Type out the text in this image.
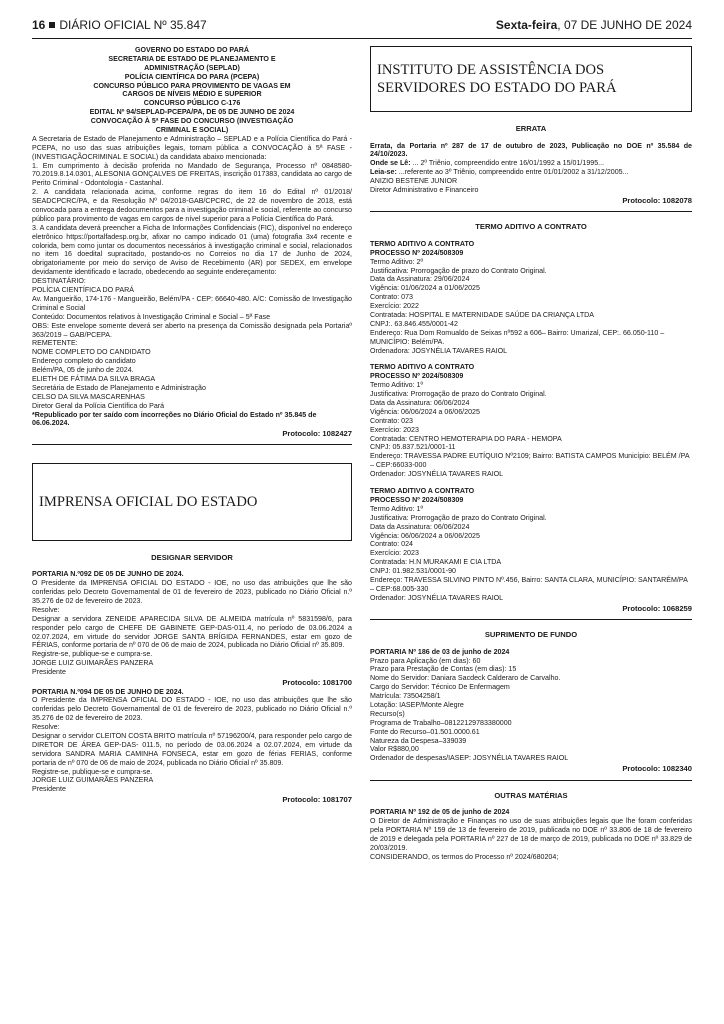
16 DIÁRIO OFICIAL Nº 35.847	Sexta-feira, 07 DE JUNHO DE 2024
GOVERNO DO ESTADO DO PARÁ
SECRETARIA DE ESTADO DE PLANEJAMENTO E
ADMINISTRAÇÃO (SEPLAD)
POLÍCIA CIENTÍFICA DO PARA (PCEPA)
CONCURSO PÚBLICO PARA PROVIMENTO DE VAGAS EM
CARGOS DE NÍVEIS MÉDIO E SUPERIOR
CONCURSO PÚBLICO C-176
EDITAL Nº 94/SEPLAD-PCEPA/PA, DE 05 DE JUNHO DE 2024
CONVOCAÇÃO À 5ª FASE DO CONCURSO (INVESTIGAÇÃO
CRIMINAL E SOCIAL)

A Secretaria de Estado de Planejamento e Administração – SEPLAD e a Polícia Científica do Pará - PCEPA, no uso das suas atribuições legais, tornam pública a CONVOCAÇÃO à 5ª FASE - (INVESTIGAÇÃOCRIMINAL E SOCIAL) da candidata abaixo mencionada:

1. Em cumprimento à decisão proferida no Mandado de Segurança, Processo nº 0848580-70.2019.8.14.0301, ALESONIA GONÇALVES DE FREITAS, inscrição 017383, candidata ao cargo de Perito Criminal - Odontologia - Castanhal.

2. A candidata relacionada acima, conforme regras do item 16 do Edital nº 01/2018/ SEADCPCRC/PA, e da Resolução Nº 04/2018-GAB/CPCRC, de 22 de novembro de 2018, está convocada para a entrega dedocumentos para a investigação criminal e social, referente ao concurso público para provimento de vagas em cargos de nível superior para a Polícia Científica do Pará.

3. A candidata deverá preencher a Ficha de Informações Confidenciais (FIC), disponível no endereço eletrônico https://portalfadesp.org.br, afixar no campo indicado 01 (uma) fotografia 3x4 recente e colorida, bem como juntar os documentos necessários à investigação criminal e social, relacionados no item 16 doedital supracitado, postando-os no Correios no dia 17 de Junho de 2024, obrigatoriamente por meio do serviço de Aviso de Recebimento (AR) por SEDEX, em envelope devidamente identificado e lacrado, obedecendo ao seguinte endereçamento:

DESTINATÁRIO:

POLÍCIA CIENTÍFICA DO PARÁ

Av. Mangueirão, 174-176 - Mangueirão, Belém/PA - CEP: 66640-480. A/C: Comissão de Investigação Criminal e Social

Conteúdo: Documentos relativos à Investigação Criminal e Social – 5ª Fase

OBS: Este envelope somente deverá ser aberto na presença da Comissão designada pela Portariaº 363/2019 – GAB/PCEPA.

REMETENTE:

NOME COMPLETO DO CANDIDATO

Endereço completo do candidato

Belém/PA, 05 de junho de 2024.

ELIETH DE FÁTIMA DA SILVA BRAGA

Secretária de Estado de Planejamento e Administração

CELSO DA SILVA MASCARENHAS

Diretor Geral da Polícia Científica do Pará

*Republicado por ter saído com incorreções no Diário Oficial do Estado nº 35.845 de 06.06.2024.

Protocolo: 1082427

IMPRENSA OFICIAL DO ESTADO
DESIGNAR SERVIDOR

PORTARIA N.º092 DE 05 DE JUNHO DE 2024.

O Presidente da IMPRENSA OFICIAL DO ESTADO - IOE, no uso das atribuições que lhe são conferidas pelo Decreto Governamental de 01 de fevereiro de 2023, publicado no Diário Oficial n.º 35.276 de 02 de fevereiro de 2023.

Resolve:

Designar a servidora ZENEIDE APARECIDA SILVA DE ALMEIDA matrícula nº 5831598/6, para responder pelo cargo de CHEFE DE GABINETE GEP-DAS-011.4, no período de 03.06.2024 a 02.07.2024, em virtude do servidor JORGE SANTA BRÍGIDA FERNANDES, estar em gozo de FÉRIAS, conforme portaria de nº 070 de 06 de maio de 2024, publicada no Diário Oficial nº 35.809.

Registre-se, publique-se e cumpra-se.

JORGE LUIZ GUIMARÃES PANZERA

Presidente

Protocolo: 1081700

PORTARIA N.º094 DE 05 DE JUNHO DE 2024.

O Presidente da IMPRENSA OFICIAL DO ESTADO - IOE, no uso das atribuições que lhe são conferidas pelo Decreto Governamental de 01 de fevereiro de 2023, publicado no Diário Oficial n.º 35.276 de 02 de fevereiro de 2023.

Resolve:

Designar o servidor CLEITON COSTA BRITO matrícula nº 57196200/4, para responder pelo cargo de DIRETOR DE ÁREA GEP-DAS- 011.5, no período de 03.06.2024 a 02.07.2024, em virtude da servidora SANDRA MARIA CAMINHA FONSECA, estar em gozo de férias FERIAS, conforme portaria de nº 070 de 06 de maio de 2024, publicada no Diário Oficial nº 35.809.

Registre-se, publique-se e cumpra-se.

JORGE LUIZ GUIMARÃES PANZERA

Presidente

Protocolo: 1081707

INSTITUTO DE ASSISTÊNCIA DOS SERVIDORES DO ESTADO DO PARÁ
ERRATA

Errata, da Portaria nº 287 de 17 de outubro de 2023, Publicação no DOE nº 35.584 de 24/10/2023.

Onde se Lê: ... 2º Triênio, compreendido entre 16/01/1992 a 15/01/1995...

Leia-se: ...referente ao 3º Triênio, compreendido entre 01/01/2002 a 31/12/2005...

ANIZIO BESTENE JUNIOR

Diretor Administrativo e Financeiro

Protocolo: 1082078

TERMO ADITIVO A CONTRATO

TERMO ADITIVO A CONTRATO

PROCESSO Nº 2024/508309

Termo Aditivo: 2º

Justificativa: Prorrogação de prazo do Contrato Original.

Data da Assinatura: 29/06/2024

Vigência: 01/06/2024 a 01/06/2025

Contrato: 073

Exercício: 2022

Contratada: HOSPITAL E MATERNIDADE SAÚDE DA CRIANÇA LTDA

CNPJ:. 63.846.455/0001-42

Endereço: Rua Dom Romualdo de Seixas nº592 a 606– Bairro: Umarizal, CEP:. 66.050-110 – MUNICÍPIO: Belém/PA.

Ordenadora: JOSYNÉLIA TAVARES RAIOL

TERMO ADITIVO A CONTRATO

PROCESSO Nº 2024/508309

Termo Aditivo: 1º

Justificativa: Prorrogação de prazo do Contrato Original.

Data da Assinatura: 06/06/2024

Vigência: 06/06/2024 a 06/06/2025

Contrato: 023

Exercício: 2023

Contratada: CENTRO HEMOTERAPIA DO PARA - HEMOPA

CNPJ: 05.837.521/0001-11

Endereço: TRAVESSA PADRE EUTÍQUIO Nº2109; Bairro: BATISTA CAMPOS Município: BELÉM /PA – CEP:66033-000

Ordenador: JOSYNÉLIA TAVARES RAIOL

TERMO ADITIVO A CONTRATO

PROCESSO Nº 2024/508309

Termo Aditivo: 1º

Justificativa: Prorrogação de prazo do Contrato Original.

Data da Assinatura: 06/06/2024

Vigência: 06/06/2024 a 06/06/2025

Contrato: 024

Exercício: 2023

Contratada: H.N MURAKAMI E CIA LTDA

CNPJ: 01.982.531/0001-90

Endereço: TRAVESSA SILVINO PINTO Nº.456, Bairro: SANTA CLARA, MUNICÍPIO: SANTARÉM/PA – CEP:68.005-330

Ordenador: JOSYNÉLIA TAVARES RAIOL

Protocolo: 1068259

SUPRIMENTO DE FUNDO

PORTARIA Nº 186 de 03 de junho de 2024

Prazo para Aplicação (em dias): 60

Prazo para Prestação de Contas (em dias): 15

Nome do Servidor: Daniara Sacdeck Calderaro de Carvalho.

Cargo do Servidor: Técnico De Enfermagem

Matrícula: 73504258/1

Lotação: IASEP/Monte Alegre

Recurso(s)

Programa de Trabalho–08122129783380000

Fonte do Recurso–01.501.0000.61

Natureza da Despesa–339039

Valor R$880,00

Ordenador de despesas/IASEP: JOSYNÉLIA TAVARES RAIOL

Protocolo: 1082340

OUTRAS MATÉRIAS

PORTARIA Nº 192 de 05 de junho de 2024

O Diretor de Administração e Finanças no uso de suas atribuições legais que lhe foram conferidas pela PORTARIA Nº 159 de 13 de fevereiro de 2019, publicada no DOE nº 33.806 de 18 de fevereiro de 2019 e delegada pela PORTARIA nº 227 de 18 de março de 2019, publicada no DOE nº 33.829 de 20/03/2019.

CONSIDERANDO, os termos do Processo nº 2024/680204;
